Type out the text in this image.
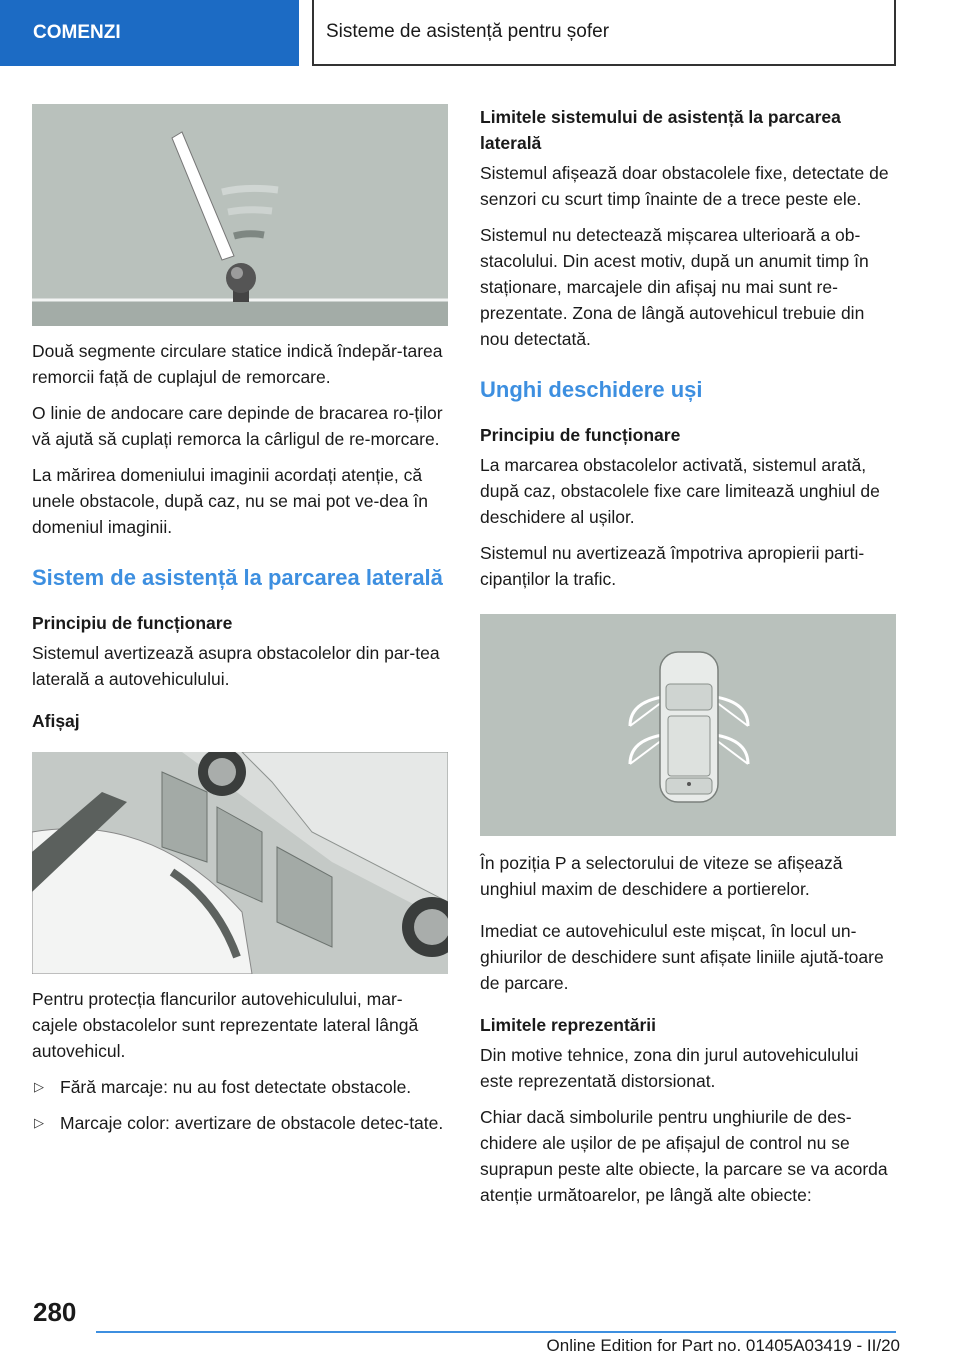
COMENZI	Sisteme de asistență pentru șofer

Două segmente circulare statice indică îndepăr-tarea remorcii față de cuplajul de remorcare.

O linie de andocare care depinde de bracarea ro-ților vă ajută să cuplați remorca la cârligul de re-morcare.

La mărirea domeniului imaginii acordați atenție, că unele obstacole, după caz, nu se mai pot ve-dea în domeniul imaginii.

Sistem de asistență la parcarea laterală
Principiu de funcționare

Sistemul avertizează asupra obstacolelor din par-tea laterală a autovehiculului.

Afișaj

Pentru protecția flancurilor autovehiculului, mar-cajele obstacolelor sunt reprezentate lateral lângă autovehicul.

▷ Fără marcaje: nu au fost detectate obstacole.
▷ Marcaje color: avertizare de obstacole detec-tate.
Limitele sistemului de asistență la parcarea laterală

Sistemul afișează doar obstacolele fixe, detectate de senzori cu scurt timp înainte de a trece peste ele.

Sistemul nu detectează mișcarea ulterioară a ob-stacolului. Din acest motiv, după un anumit timp în staționare, marcajele din afișaj nu mai sunt re-prezentate. Zona de lângă autovehicul trebuie din nou detectată.

Unghi deschidere uși
Principiu de funcționare

La marcarea obstacolelor activată, sistemul arată, după caz, obstacolele fixe care limitează unghiul de deschidere al ușilor.

Sistemul nu avertizează împotriva apropierii parti-cipanților la trafic.

În poziția P a selectorului de viteze se afișează unghiul maxim de deschidere a portierelor.

Imediat ce autovehiculul este mișcat, în locul un-ghiurilor de deschidere sunt afișate liniile ajută-toare de parcare.

Limitele reprezentării

Din motive tehnice, zona din jurul autovehiculului este reprezentată distorsionat.

Chiar dacă simbolurile pentru unghiurile de des-chidere ale ușilor de pe afișajul de control nu se suprapun peste alte obiecte, la parcare se va acorda atenție următoarelor, pe lângă alte obiecte:

280
Online Edition for Part no. 01405A03419 - II/20
